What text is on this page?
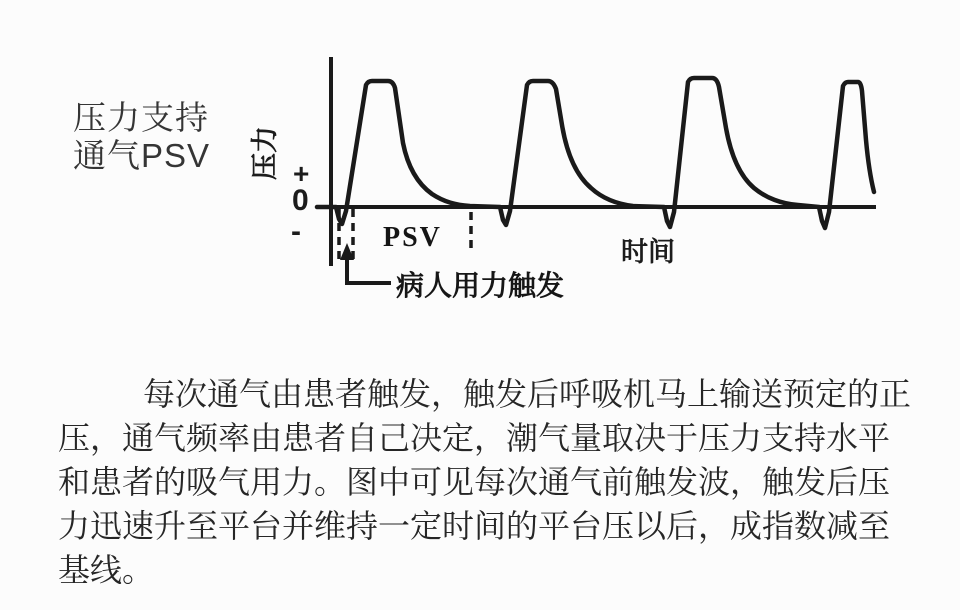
压力支持
通气PSV	压力 +
0
-	PSV	时间
病人用力触发
每次通气由患者触发，触发后呼吸机马上输送预定的正
压，通气频率由患者自己决定，潮气量取决于压力支持水平
和患者的吸气用力。图中可见每次通气前触发波，触发后压
力迅速升至平台并维持一定时间的平台压以后，成指数减至
基线。
